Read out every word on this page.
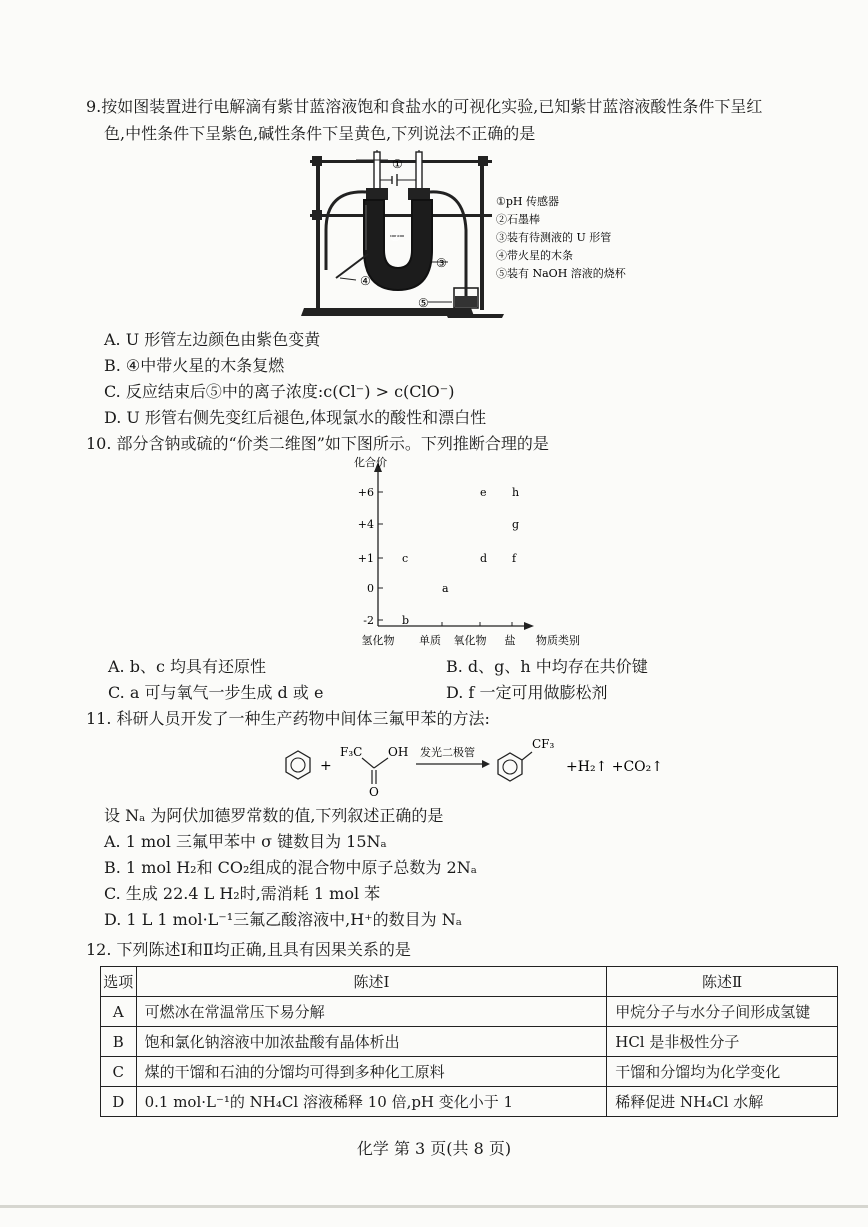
9.按如图装置进行电解滴有紫甘蓝溶液饱和食盐水的可视化实验,已知紫甘蓝溶液酸性条件下呈红
色,中性条件下呈紫色,碱性条件下呈黄色,下列说法不正确的是
①
②
③
④
⑤
①pH 传感器
②石墨棒
③装有待测液的 U 形管
④带火星的木条
⑤装有 NaOH 溶液的烧杯
A. U 形管左边颜色由紫色变黄
B. ④中带火星的木条复燃
C. 反应结束后⑤中的离子浓度:c(Cl⁻) > c(ClO⁻)
D. U 形管右侧先变红后褪色,体现氯水的酸性和漂白性
10. 部分含钠或硫的“价类二维图”如下图所示。下列推断合理的是
化合价
物质类别
+6
+4
+1
0
-2
氢化物 单质 氧化物 盐
e h
g
c	d f
a
b
A. b、c 均具有还原性	B. d、g、h 中均存在共价键
C. a 可与氧气一步生成 d 或 e	D. f 一定可用做膨松剂
11. 科研人员开发了一种生产药物中间体三氟甲苯的方法:
+
F₃C OH
O
发光二极管
CF₃
+H₂↑ +CO₂↑
设 Nₐ 为阿伏加德罗常数的值,下列叙述正确的是
A. 1 mol 三氟甲苯中 σ 键数目为 15Nₐ
B. 1 mol H₂和 CO₂组成的混合物中原子总数为 2Nₐ
C. 生成 22.4 L H₂时,需消耗 1 mol 苯
D. 1 L 1 mol·L⁻¹三氟乙酸溶液中,H⁺的数目为 Nₐ
12. 下列陈述Ⅰ和Ⅱ均正确,且具有因果关系的是
选项	陈述Ⅰ	陈述Ⅱ
A	可燃冰在常温常压下易分解	甲烷分子与水分子间形成氢键
B	饱和氯化钠溶液中加浓盐酸有晶体析出	HCl 是非极性分子
C	煤的干馏和石油的分馏均可得到多种化工原料	干馏和分馏均为化学变化
D	0.1 mol·L⁻¹的 NH₄Cl 溶液稀释 10 倍,pH 变化小于 1	稀释促进 NH₄Cl 水解
化学 第 3 页(共 8 页)
